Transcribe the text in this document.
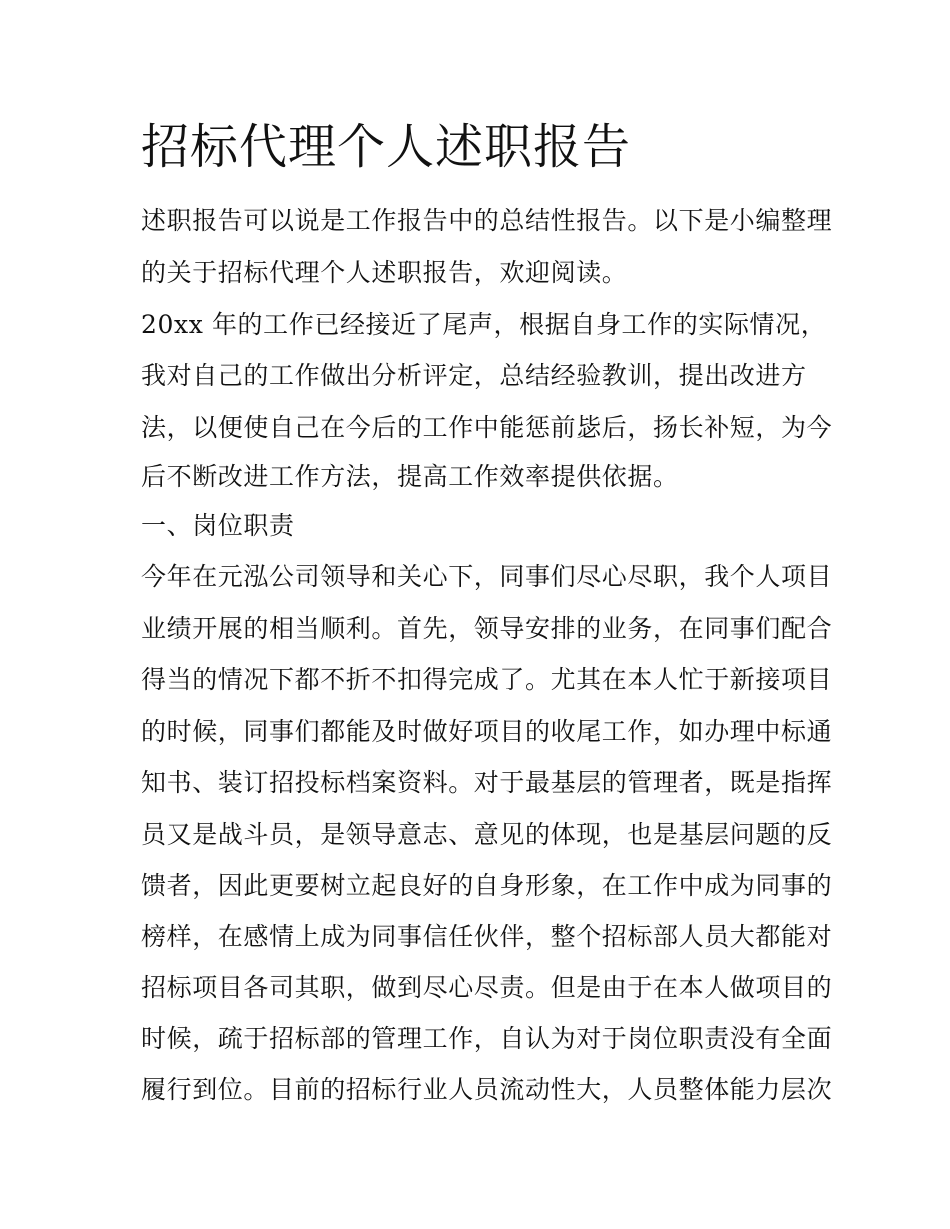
招标代理个人述职报告

述职报告可以说是工作报告中的总结性报告。以下是小编整理

的关于招标代理个人述职报告，欢迎阅读。

20xx 年的工作已经接近了尾声，根据自身工作的实际情况，

我对自己的工作做出分析评定，总结经验教训，提出改进方

法，以便使自己在今后的工作中能惩前毖后，扬长补短，为今

后不断改进工作方法，提高工作效率提供依据。

一、岗位职责

今年在元泓公司领导和关心下，同事们尽心尽职，我个人项目

业绩开展的相当顺利。首先，领导安排的业务，在同事们配合

得当的情况下都不折不扣得完成了。尤其在本人忙于新接项目

的时候，同事们都能及时做好项目的收尾工作，如办理中标通

知书、装订招投标档案资料。对于最基层的管理者，既是指挥

员又是战斗员，是领导意志、意见的体现，也是基层问题的反

馈者，因此更要树立起良好的自身形象，在工作中成为同事的

榜样，在感情上成为同事信任伙伴，整个招标部人员大都能对

招标项目各司其职，做到尽心尽责。但是由于在本人做项目的

时候，疏于招标部的管理工作，自认为对于岗位职责没有全面

履行到位。目前的招标行业人员流动性大，人员整体能力层次
